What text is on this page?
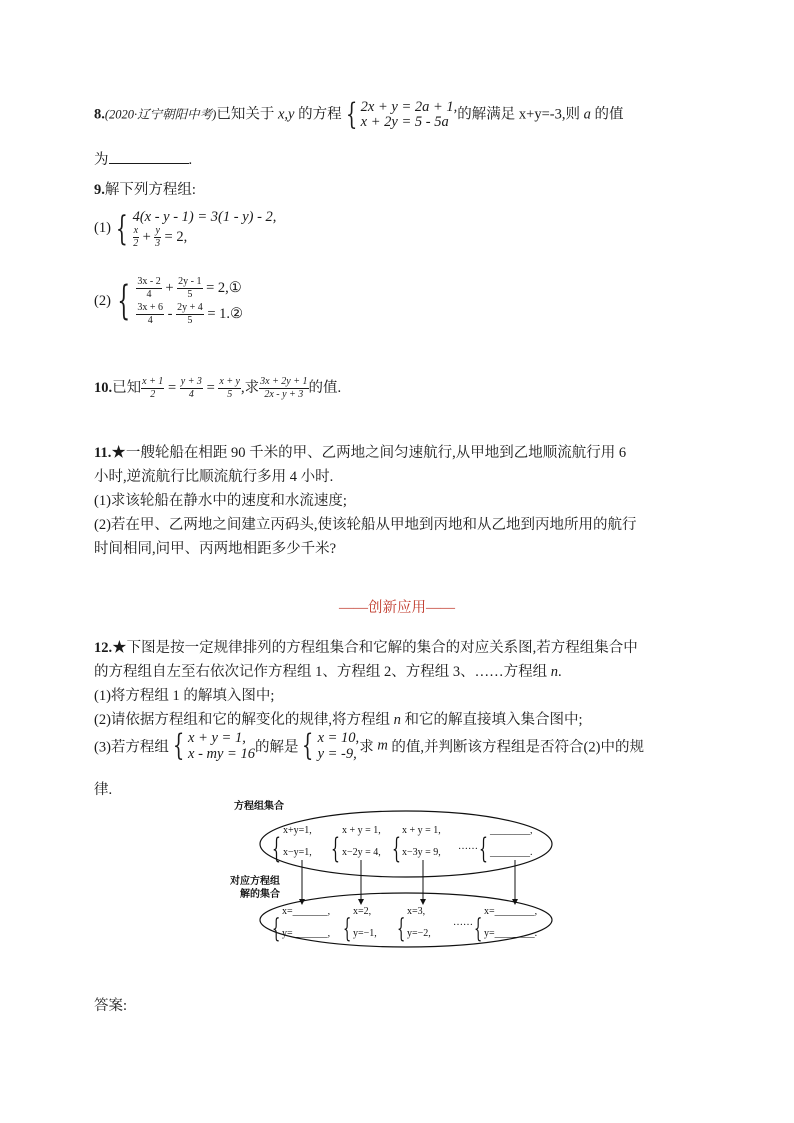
8.(2020·辽宁朝阳中考)已知关于 x,y 的方程 { 2x + y = 2a + 1,
x + 2y = 5 - 5a 的解满足 x+y=-3,则 a 的值
为	.
9.解下列方程组:
(1) { 4(x - y - 1) = 3(1 - y) - 2,
$\frac{x}{2} + \frac{y}{3} = 2$,
(2) { $\frac{3x - 2}{4} + \frac{2y - 1}{5}$ = 2,①
$\frac{3x + 6}{4} - \frac{2y + 4}{5}$ = 1.②
10.已知 $\frac{x + 1}{2} = \frac{y + 3}{4} = \frac{x + y}{5}$ ,求 $\frac{3x + 2y + 1}{2x - y + 3}$ 的值.
11.★一艘轮船在相距 90 千米的甲、乙两地之间匀速航行,从甲地到乙地顺流航行用 6
小时,逆流航行比顺流航行多用 4 小时.
(1)求该轮船在静水中的速度和水流速度;
(2)若在甲、乙两地之间建立丙码头,使该轮船从甲地到丙地和从乙地到丙地所用的航行
时间相同,问甲、丙两地相距多少千米?
——创新应用——
12.★下图是按一定规律排列的方程组集合和它解的集合的对应关系图,若方程组集合中
的方程组自左至右依次记作方程组 1、方程组 2、方程组 3、……方程组 n.
(1)将方程组 1 的解填入图中;
(2)请依据方程组和它的解变化的规律,将方程组 n 和它的解直接填入集合图中;
(3)若方程组 { x + y = 1,
x - my = 16 的解是 { x = 10,
y = -9, 求 m 的值,并判断该方程组是否符合(2)中的规
律.
方程组集合
对应方程组
解的集合
{
x+y=1,
x−y=1, {
x + y = 1,
x−2y = 4, {
x + y = 1,
x−3y = 9,
…… {
________,
________.
{
x=_______,
y=_______, {
x=2,
y=−1, {
x=3,
y=−2,
…… {
x=________,
y=________.
答案:
